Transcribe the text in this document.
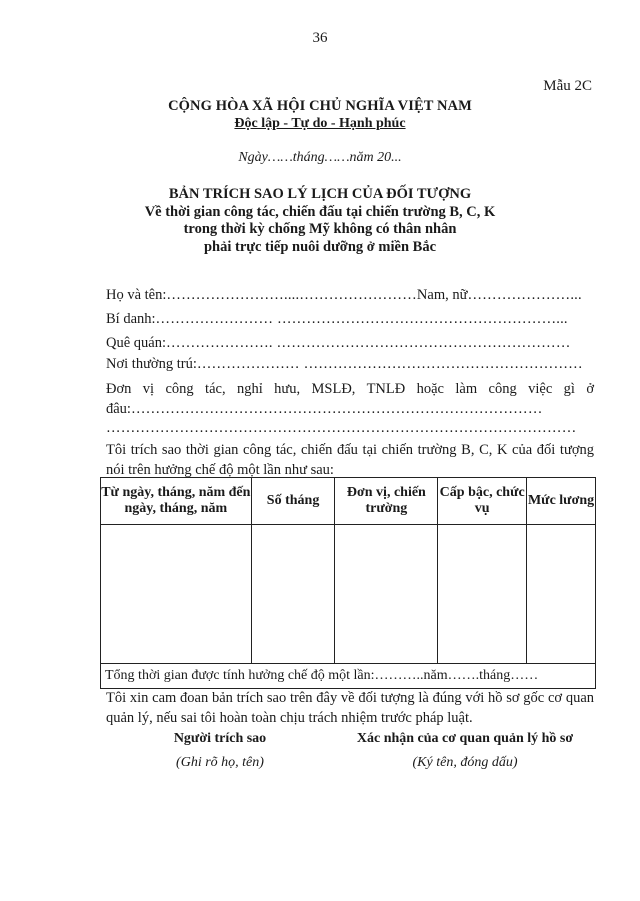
36
Mẫu 2C
CỘNG HÒA XÃ HỘI CHỦ NGHĨA VIỆT NAM
Độc lập - Tự do - Hạnh phúc
Ngày……tháng……năm 20...
BẢN TRÍCH SAO LÝ LỊCH CỦA ĐỐI TƯỢNG
Về thời gian công tác, chiến đấu tại chiến trường B, C, K
trong thời kỳ chống Mỹ không có thân nhân
phải trực tiếp nuôi dưỡng ở miền Bắc
Họ và tên:……………………....……………………Nam, nữ…………………...
Bí danh:…………………… …………………………………………………...
Quê quán:…………………. ……………………………………………………
Nơi thường trú:………………… …………………………………………………
Đơn vị công tác, nghỉ hưu, MSLĐ, TNLĐ hoặc làm công việc gì ở đâu:…………………………………………………………………………
……………………………………………………………………………………
Tôi trích sao thời gian công tác, chiến đấu tại chiến trường B, C, K của đối tượng nói trên hưởng chế độ một lần như sau:
Từ ngày, tháng, năm đến ngày, tháng, năm	Số tháng	Đơn vị, chiến trường	Cấp bậc, chức vụ	Mức lương

Tổng thời gian được tính hưởng chế độ một lần:………..năm…….tháng……				
Tôi xin cam đoan bản trích sao trên đây về đối tượng là đúng với hồ sơ gốc cơ quan quản lý, nếu sai tôi hoàn toàn chịu trách nhiệm trước pháp luật.
Người trích sao
(Ghi rõ họ, tên)
Xác nhận của cơ quan quản lý hồ sơ
(Ký tên, đóng dấu)
